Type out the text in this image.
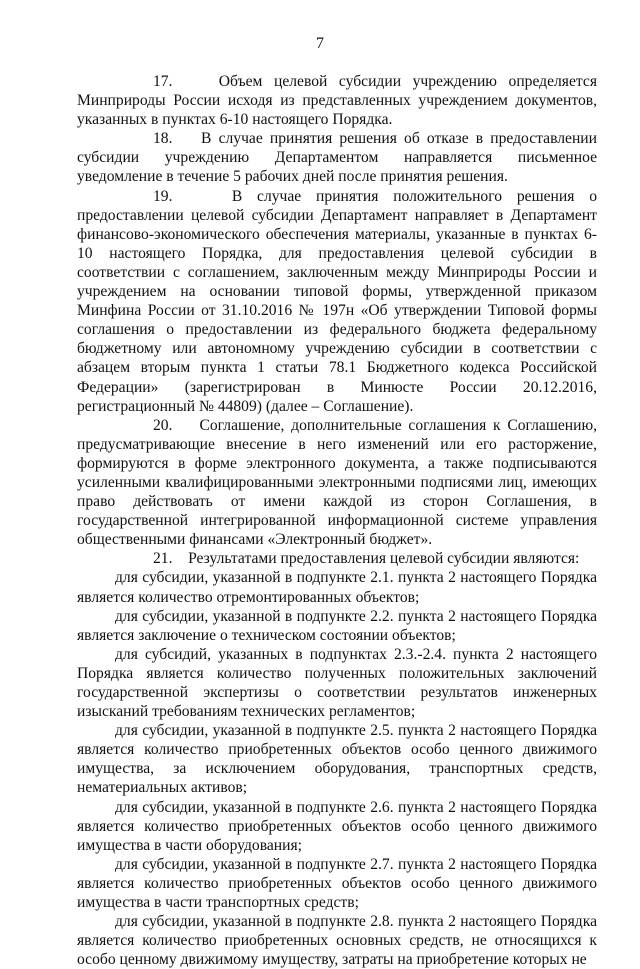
7

17.	Объем целевой субсидии учреждению определяется Минприроды России исходя из представленных учреждением документов, указанных в пунктах 6-10 настоящего Порядка.

18. В случае принятия решения об отказе в предоставлении субсидии учреждению Департаментом направляется письменное уведомление в течение 5 рабочих дней после принятия решения.

19.	В случае принятия положительного решения о предоставлении целевой субсидии Департамент направляет в Департамент финансово-экономического обеспечения материалы, указанные в пунктах 6-10 настоящего Порядка, для предоставления целевой субсидии в соответствии с соглашением, заключенным между Минприроды России и учреждением на основании типовой формы, утвержденной приказом Минфина России от 31.10.2016 № 197н «Об утверждении Типовой формы соглашения о предоставлении из федерального бюджета федеральному бюджетному или автономному учреждению субсидии в соответствии с абзацем вторым пункта 1 статьи 78.1 Бюджетного кодекса Российской Федерации» (зарегистрирован в Минюсте России 20.12.2016, регистрационный № 44809) (далее – Соглашение).

20. Соглашение, дополнительные соглашения к Соглашению, предусматривающие внесение в него изменений или его расторжение, формируются в форме электронного документа, а также подписываются усиленными квалифицированными электронными подписями лиц, имеющих право действовать от имени каждой из сторон Соглашения, в государственной интегрированной информационной системе управления общественными финансами «Электронный бюджет».

21. Результатами предоставления целевой субсидии являются:

для субсидии, указанной в подпункте 2.1. пункта 2 настоящего Порядка является количество отремонтированных объектов;

для субсидии, указанной в подпункте 2.2. пункта 2 настоящего Порядка является заключение о техническом состоянии объектов;

для субсидий, указанных в подпунктах 2.3.-2.4. пункта 2 настоящего Порядка является количество полученных положительных заключений государственной экспертизы о соответствии результатов инженерных изысканий требованиям технических регламентов;

для субсидии, указанной в подпункте 2.5. пункта 2 настоящего Порядка является количество приобретенных объектов особо ценного движимого имущества, за исключением оборудования, транспортных средств, нематериальных активов;

для субсидии, указанной в подпункте 2.6. пункта 2 настоящего Порядка является количество приобретенных объектов особо ценного движимого имущества в части оборудования;

для субсидии, указанной в подпункте 2.7. пункта 2 настоящего Порядка является количество приобретенных объектов особо ценного движимого имущества в части транспортных средств;

для субсидии, указанной в подпункте 2.8. пункта 2 настоящего Порядка является количество приобретенных основных средств, не относящихся к особо ценному движимому имуществу, затраты на приобретение которых не
